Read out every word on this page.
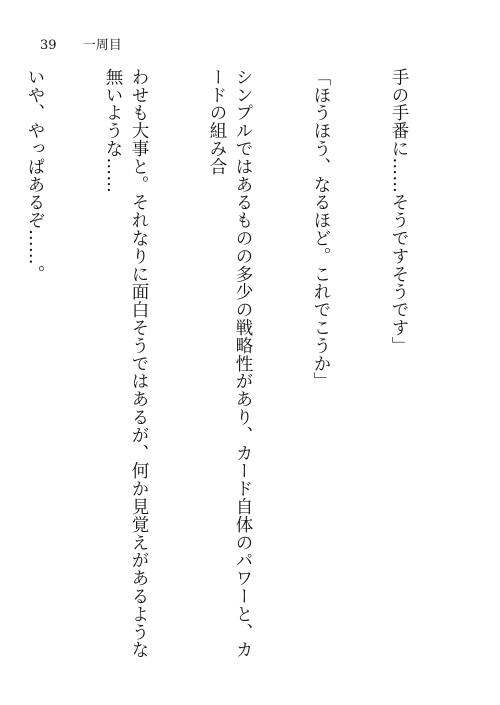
39 一周目

手の手番に……そうですそうです」

「ほうほう、なるほど。これでこうか」

シンプルではあるものの多少の戦略性があり、カード自体のパワーと、カードの組み合

わせも大事と。それなりに面白そうではあるが、何か見覚えがあるような無いような……

いや、やっぱあるぞ……。
